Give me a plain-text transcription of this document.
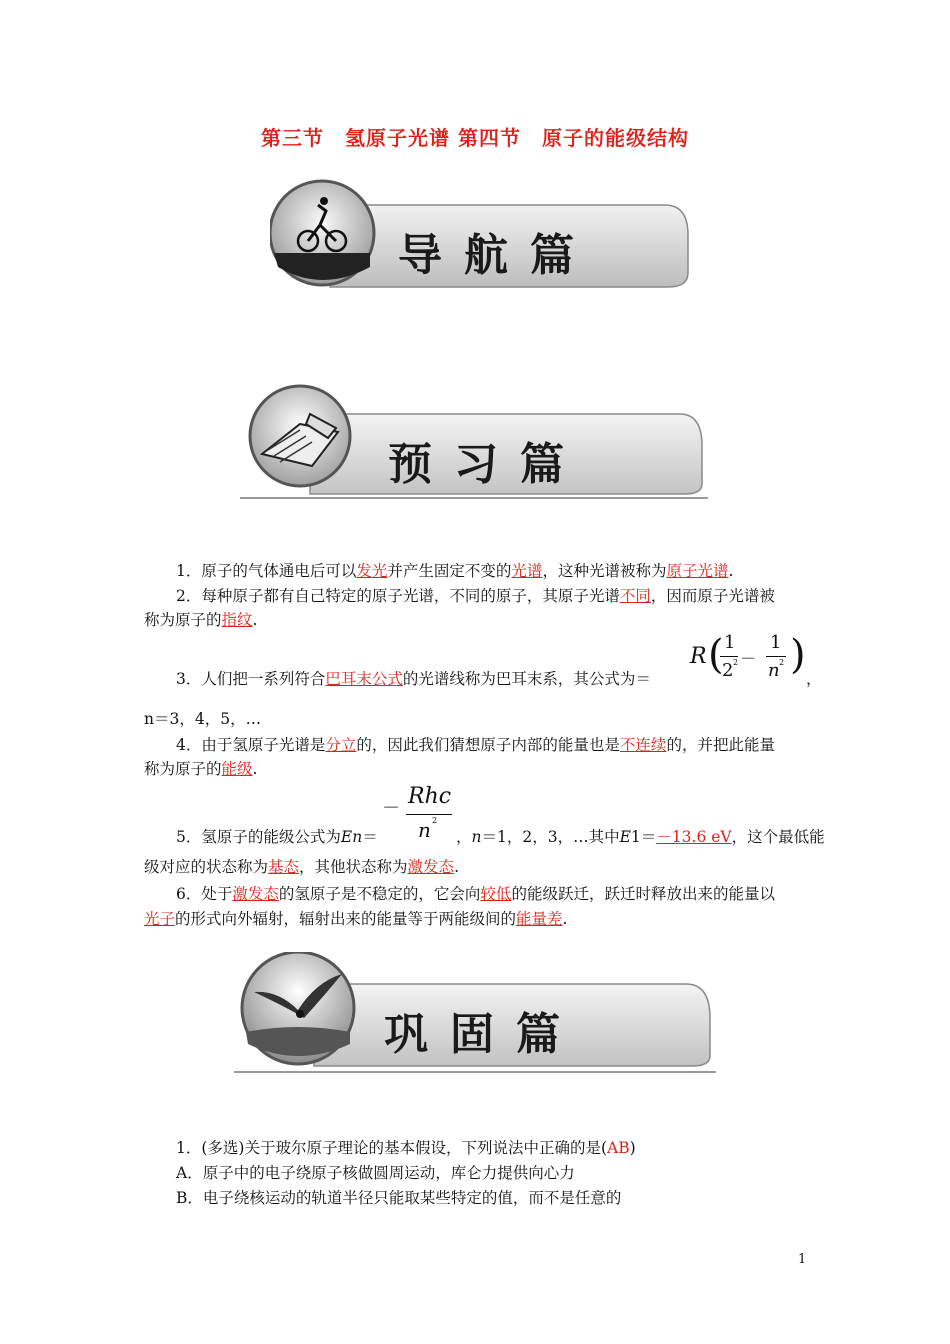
第三节　氢原子光谱 第四节　原子的能级结构
导航篇
预习篇
1．原子的气体通电后可以发光并产生固定不变的光谱，这种光谱被称为原子光谱.
2．每种原子都有自己特定的原子光谱，不同的原子，其原子光谱不同，因而原子光谱被
称为原子的指纹.
3．人们把一系列符合巴耳末公式的光谱线称为巴耳末系，其公式为＝
R ( 1
2 2 －
1
n 2 )
，
n＝3，4，5，…
4．由于氢原子光谱是分立的，因此我们猜想原子内部的能量也是不连续的，并把此能量
称为原子的能级.
－ Rhc
n 2
5．氢原子的能级公式为En＝	，n＝1，2，3，…其中E1＝－13.6 eV，这个最低能
级对应的状态称为基态，其他状态称为激发态.
6．处于激发态的氢原子是不稳定的，它会向较低的能级跃迁，跃迁时释放出来的能量以
光子的形式向外辐射，辐射出来的能量等于两能级间的能量差.
巩固篇
1．(多选)关于玻尔原子理论的基本假设，下列说法中正确的是(AB)
A．原子中的电子绕原子核做圆周运动，库仑力提供向心力
B．电子绕核运动的轨道半径只能取某些特定的值，而不是任意的
1
